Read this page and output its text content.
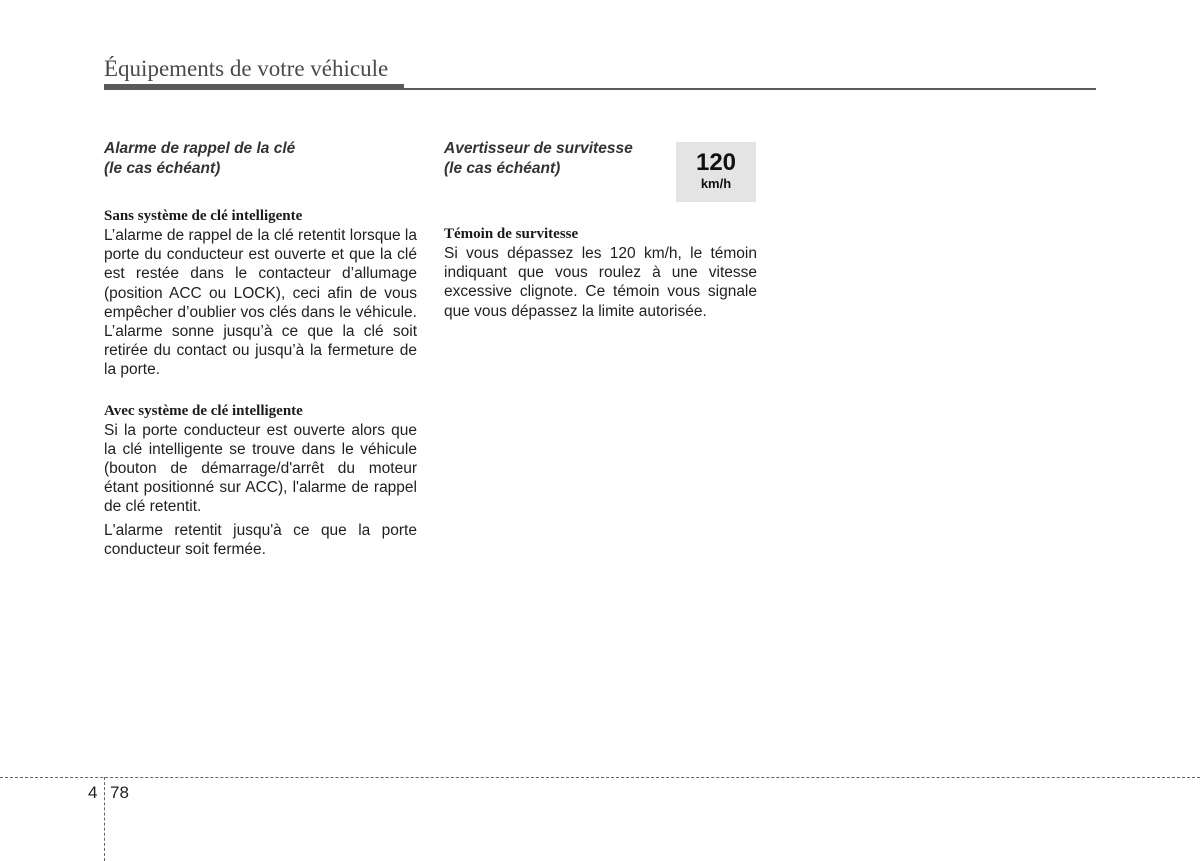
Équipements de votre véhicule
Alarme de rappel de la clé
(le cas échéant)
Sans système de clé intelligente

L’alarme de rappel de la clé retentit lorsque la porte du conducteur est ouverte et que la clé est restée dans le contacteur d’allumage (position ACC ou LOCK), ceci afin de vous empêcher d’oublier vos clés dans le véhicule. L’alarme sonne jusqu’à ce que la clé soit retirée du contact ou jusqu’à la fermeture de la porte.

Avec système de clé intelligente

Si la porte conducteur est ouverte alors que la clé intelligente se trouve dans le véhicule (bouton de démarrage/d'arrêt du moteur étant positionné sur ACC), l'alarme de rappel de clé retentit.

L'alarme retentit jusqu'à ce que la porte conducteur soit fermée.

Avertisseur de survitesse
(le cas échéant)
Témoin de survitesse

Si vous dépassez les 120 km/h, le témoin indiquant que vous roulez à une vitesse excessive clignote. Ce témoin vous signale que vous dépassez la limite autorisée.

120
km/h
4 78
